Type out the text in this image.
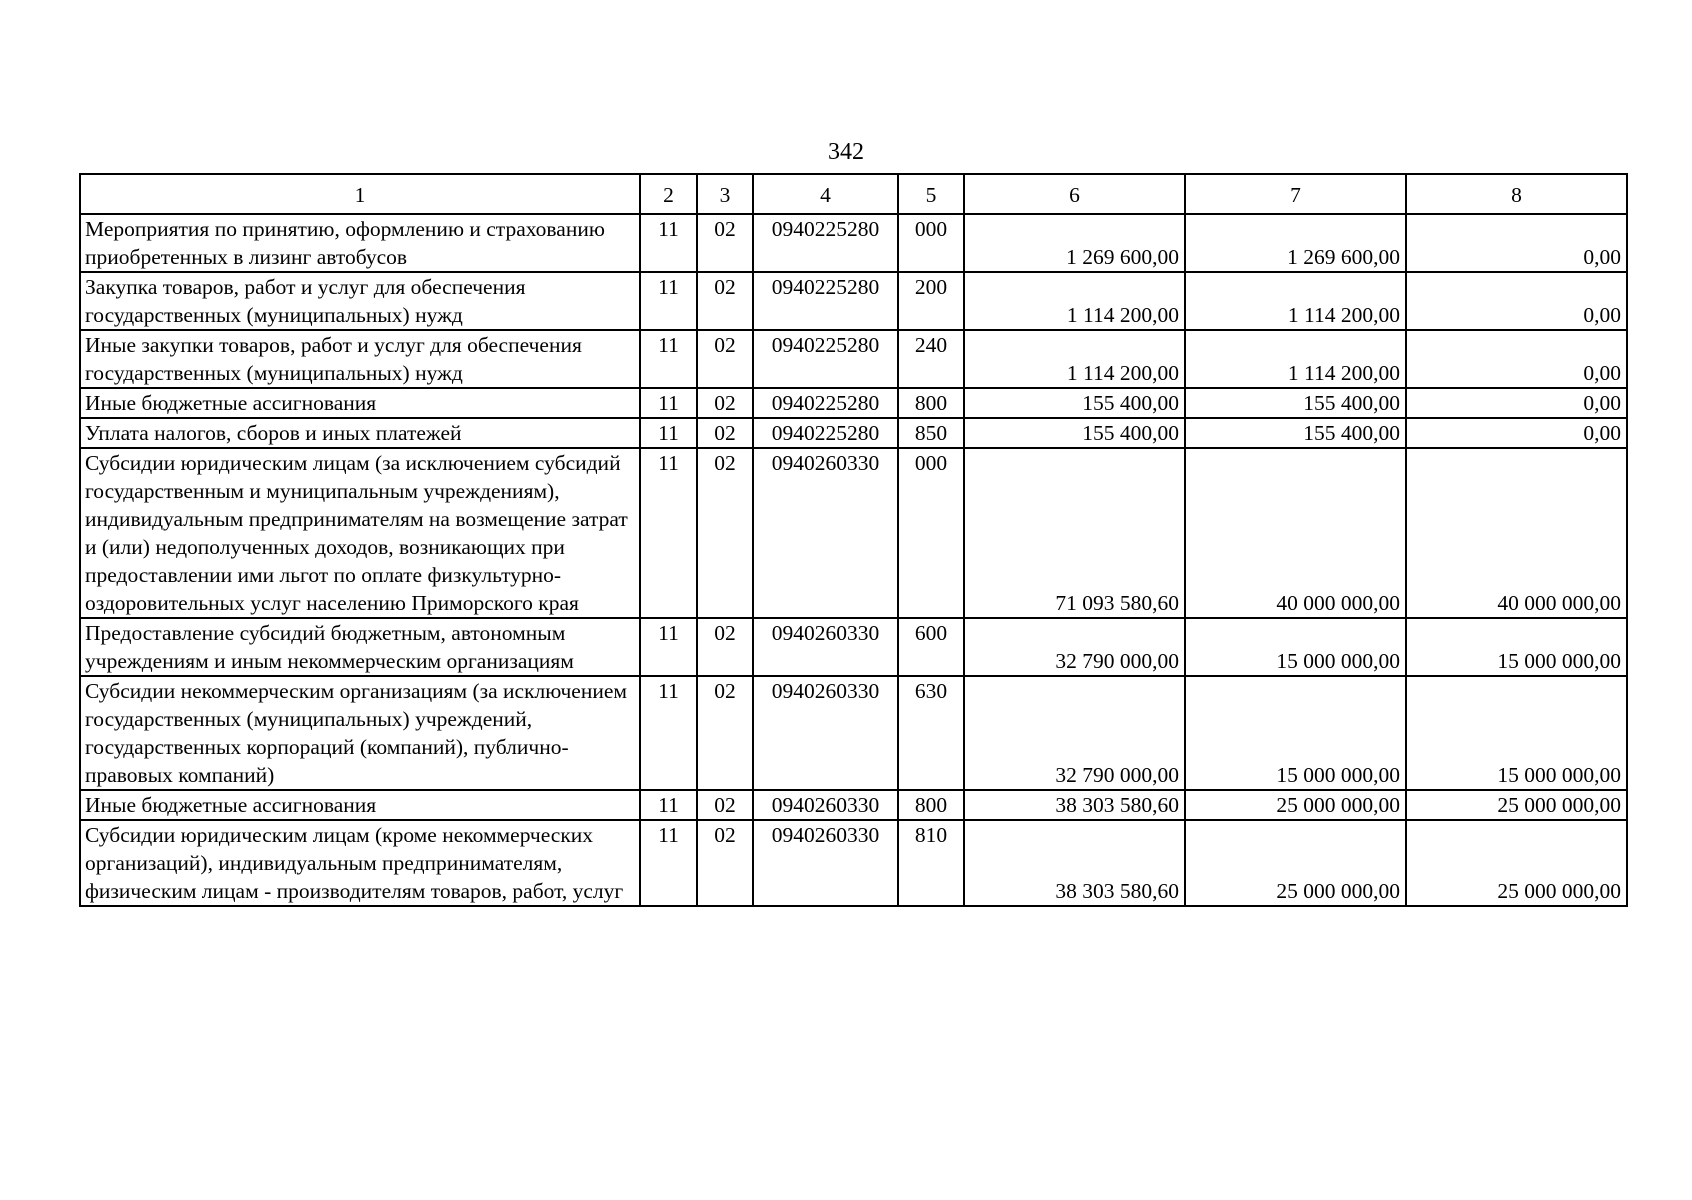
342
1	2	3	4	5	6	7	8
Мероприятия по принятию, оформлению и страхованию приобретенных в лизинг автобусов	11	02	0940225280	000	1 269 600,00	1 269 600,00	0,00
Закупка товаров, работ и услуг для обеспечения государственных (муниципальных) нужд	11	02	0940225280	200	1 114 200,00	1 114 200,00	0,00
Иные закупки товаров, работ и услуг для обеспечения государственных (муниципальных) нужд	11	02	0940225280	240	1 114 200,00	1 114 200,00	0,00
Иные бюджетные ассигнования	11	02	0940225280	800	155 400,00	155 400,00	0,00
Уплата налогов, сборов и иных платежей	11	02	0940225280	850	155 400,00	155 400,00	0,00
Субсидии юридическим лицам (за исключением субсидий государственным и муниципальным учреждениям), индивидуальным предпринимателям на возмещение затрат и (или) недополученных доходов, возникающих при предоставлении ими льгот по оплате физкультурно-оздоровительных услуг населению Приморского края	11	02	0940260330	000	71 093 580,60	40 000 000,00	40 000 000,00
Предоставление субсидий бюджетным, автономным учреждениям и иным некоммерческим организациям	11	02	0940260330	600	32 790 000,00	15 000 000,00	15 000 000,00
Субсидии некоммерческим организациям (за исключением государственных (муниципальных) учреждений, государственных корпораций (компаний), публично-правовых компаний)	11	02	0940260330	630	32 790 000,00	15 000 000,00	15 000 000,00
Иные бюджетные ассигнования	11	02	0940260330	800	38 303 580,60	25 000 000,00	25 000 000,00
Субсидии юридическим лицам (кроме некоммерческих организаций), индивидуальным предпринимателям, физическим лицам - производителям товаров, работ, услуг	11	02	0940260330	810	38 303 580,60	25 000 000,00	25 000 000,00
